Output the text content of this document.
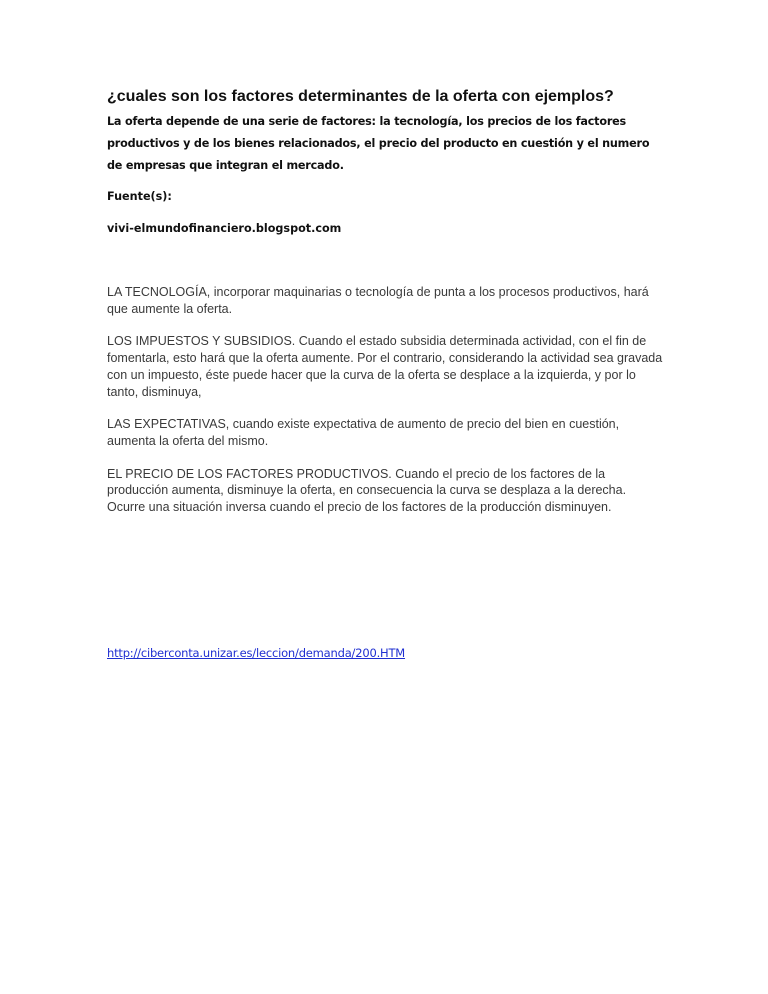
¿cuales son los factores determinantes de la oferta con ejemplos?

La oferta depende de una serie de factores: la tecnología, los precios de los factores productivos y de los bienes relacionados, el precio del producto en cuestión y el numero de empresas que integran el mercado.

Fuente(s):

vivi-elmundofinanciero.blogspot.com

LA TECNOLOGÍA, incorporar maquinarias o tecnología de punta a los procesos productivos, hará que aumente la oferta.

LOS IMPUESTOS Y SUBSIDIOS. Cuando el estado subsidia determinada actividad, con el fin de fomentarla, esto hará que la oferta aumente. Por el contrario, considerando la actividad sea gravada con un impuesto, éste puede hacer que la curva de la oferta se desplace a la izquierda, y por lo tanto, disminuya,

LAS EXPECTATIVAS, cuando existe expectativa de aumento de precio del bien en cuestión, aumenta la oferta del mismo.

EL PRECIO DE LOS FACTORES PRODUCTIVOS. Cuando el precio de los factores de la producción aumenta, disminuye la oferta, en consecuencia la curva se desplaza a la derecha. Ocurre una situación inversa cuando el precio de los factores de la producción disminuyen.

http://ciberconta.unizar.es/leccion/demanda/200.HTM
